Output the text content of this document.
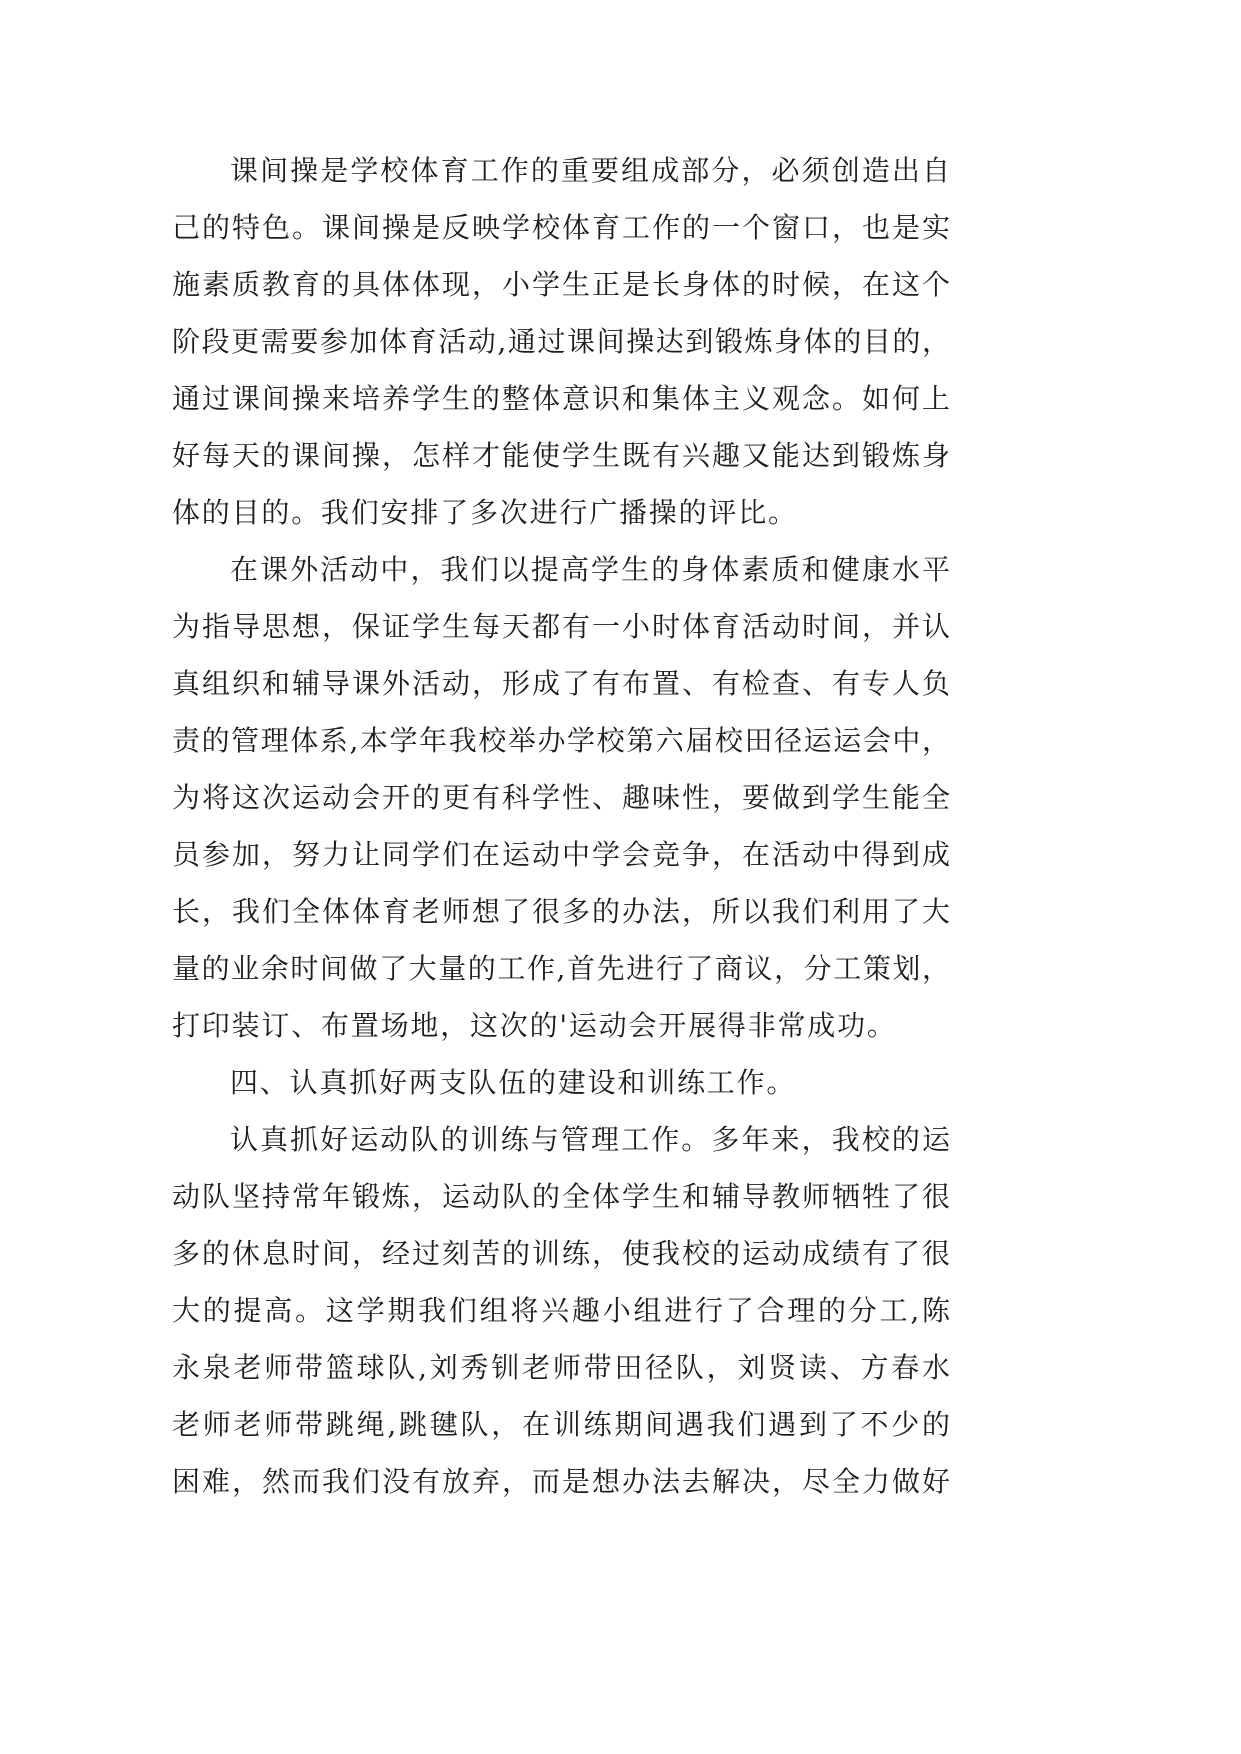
课间操是学校体育工作的重要组成部分，必须创造出自
己的特色。课间操是反映学校体育工作的一个窗口，也是实
施素质教育的具体体现，小学生正是长身体的时候，在这个
阶段更需要参加体育活动,通过课间操达到锻炼身体的目的，
通过课间操来培养学生的整体意识和集体主义观念。如何上
好每天的课间操，怎样才能使学生既有兴趣又能达到锻炼身
体的目的。我们安排了多次进行广播操的评比。
在课外活动中，我们以提高学生的身体素质和健康水平
为指导思想，保证学生每天都有一小时体育活动时间，并认
真组织和辅导课外活动，形成了有布置、有检查、有专人负
责的管理体系,本学年我校举办学校第六届校田径运运会中，
为将这次运动会开的更有科学性、趣味性，要做到学生能全
员参加，努力让同学们在运动中学会竞争，在活动中得到成
长，我们全体体育老师想了很多的办法，所以我们利用了大
量的业余时间做了大量的工作,首先进行了商议，分工策划，
打印装订、布置场地，这次的'运动会开展得非常成功。
四、认真抓好两支队伍的建设和训练工作。
认真抓好运动队的训练与管理工作。多年来，我校的运
动队坚持常年锻炼，运动队的全体学生和辅导教师牺牲了很
多的休息时间，经过刻苦的训练，使我校的运动成绩有了很
大的提高。这学期我们组将兴趣小组进行了合理的分工,陈
永泉老师带篮球队,刘秀钏老师带田径队，刘贤读、方春水
老师老师带跳绳,跳毽队，在训练期间遇我们遇到了不少的
困难，然而我们没有放弃，而是想办法去解决，尽全力做好
